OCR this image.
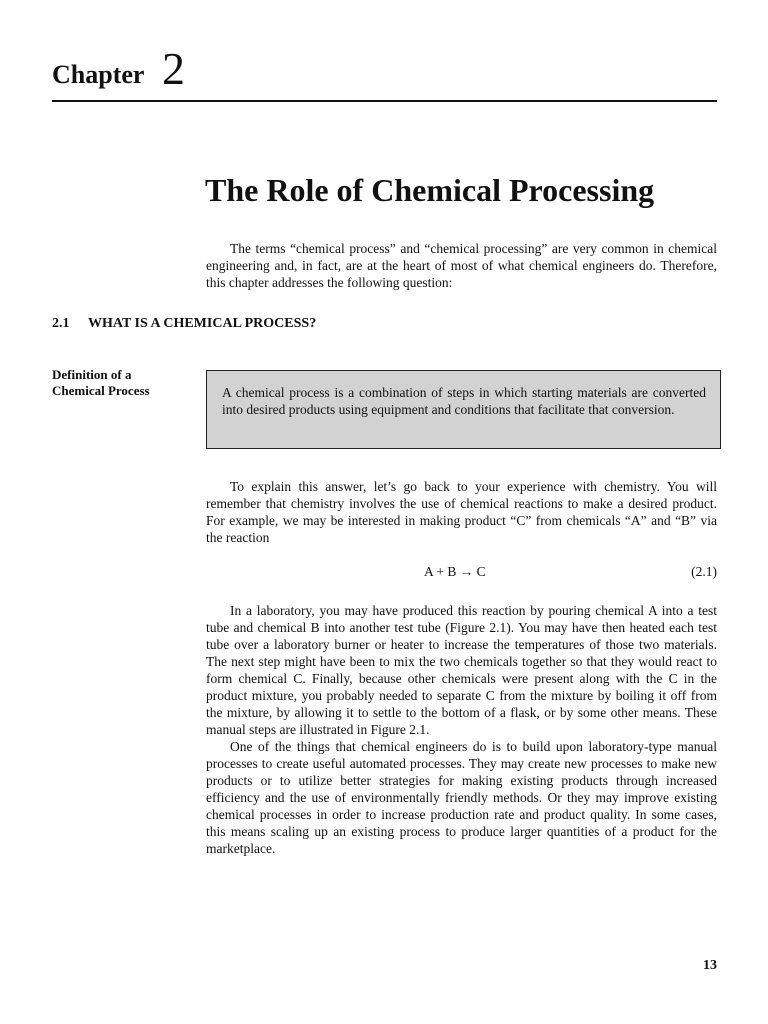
Chapter 2
The Role of Chemical Processing

The terms “chemical process” and “chemical processing” are very common in chemical engineering and, in fact, are at the heart of most of what chemical engineers do. Therefore, this chapter addresses the following question:

2.1 WHAT IS A CHEMICAL PROCESS?
Definition of a
Chemical Process	A chemical process is a combination of steps in which starting materials are converted into desired products using equipment and conditions that facilitate that conversion.

To explain this answer, let’s go back to your experience with chemistry. You will remember that chemistry involves the use of chemical reactions to make a desired product. For example, we may be interested in making product “C” from chemicals “A” and “B” via the reaction

A + B → C	(2.1)

In a laboratory, you may have produced this reaction by pouring chemical A into a test tube and chemical B into another test tube (Figure 2.1). You may have then heated each test tube over a laboratory burner or heater to increase the temperatures of those two materials. The next step might have been to mix the two chemicals together so that they would react to form chemical C. Finally, because other chemicals were present along with the C in the product mixture, you probably needed to separate C from the mixture by boiling it off from the mixture, by allowing it to settle to the bottom of a flask, or by some other means. These manual steps are illustrated in Figure 2.1.

One of the things that chemical engineers do is to build upon laboratory-type manual processes to create useful automated processes. They may create new processes to make new products or to utilize better strategies for making existing products through increased efficiency and the use of environmentally friendly methods. Or they may improve existing chemical processes in order to increase production rate and product quality. In some cases, this means scaling up an existing process to produce larger quantities of a product for the marketplace.

13
